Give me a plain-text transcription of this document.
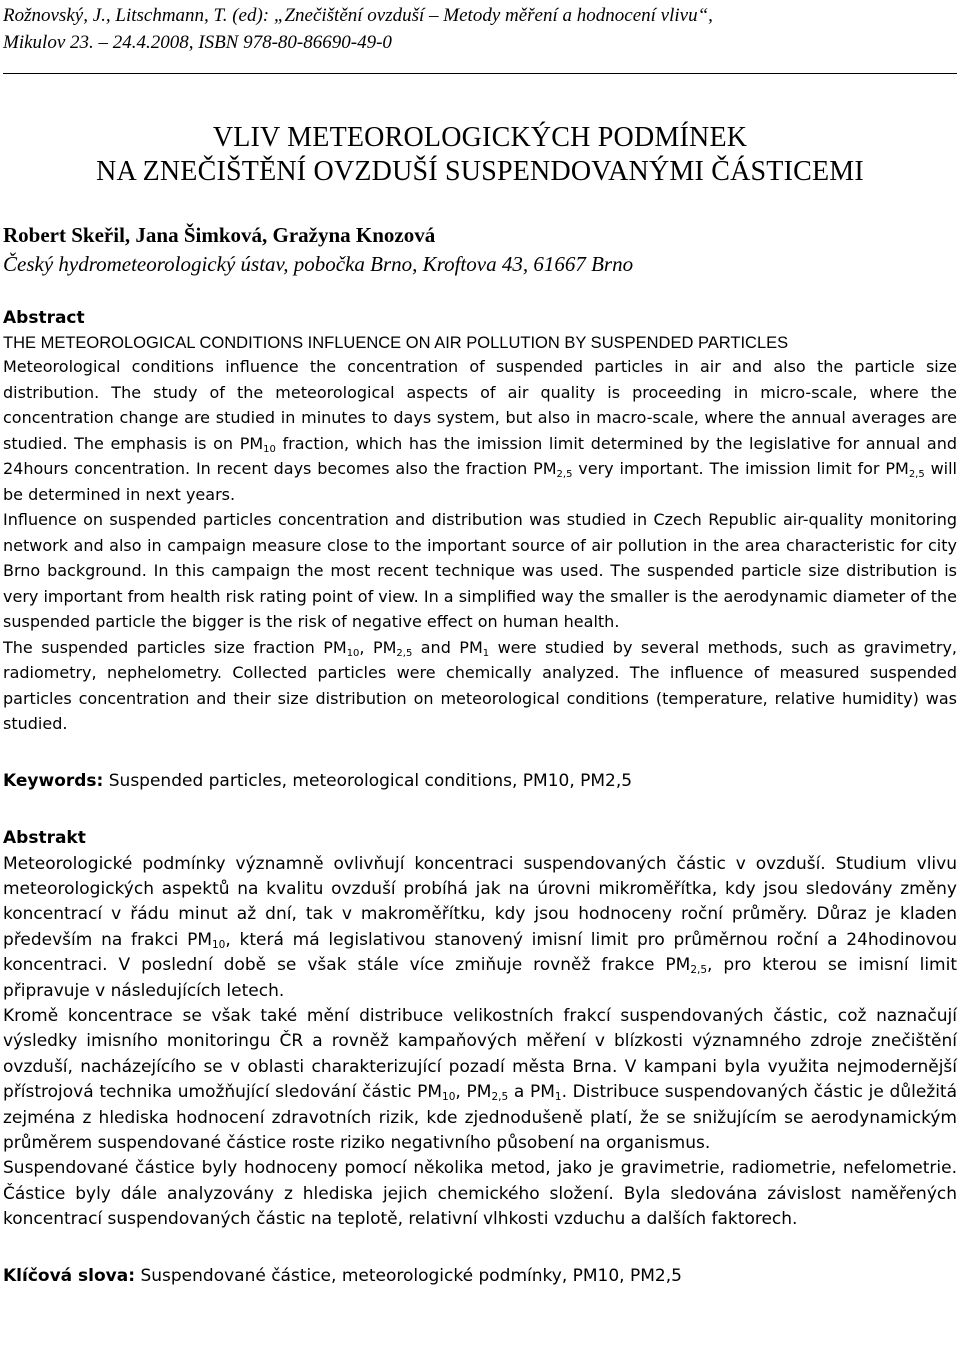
Rožnovský, J., Litschmann, T. (ed): „Znečištění ovzduší – Metody měření a hodnocení vlivu“,
Mikulov 23. – 24.4.2008, ISBN 978-80-86690-49-0
VLIV METEOROLOGICKÝCH PODMÍNEK
NA ZNEČIŠTĚNÍ OVZDUŠÍ SUSPENDOVANÝMI ČÁSTICEMI
Robert Skeřil, Jana Šimková, Gražyna Knozová
Český hydrometeorologický ústav, pobočka Brno, Kroftova 43, 61667 Brno
Abstract
THE METEOROLOGICAL CONDITIONS INFLUENCE ON AIR POLLUTION BY SUSPENDED PARTICLES

Meteorological conditions influence the concentration of suspended particles in air and also the particle size distribution. The study of the meteorological aspects of air quality is proceeding in micro-scale, where the concentration change are studied in minutes to days system, but also in macro-scale, where the annual averages are studied. The emphasis is on $PM_{10}$ fraction, which has the imission limit determined by the legislative for annual and 24hours concentration. In recent days becomes also the fraction $PM_{2,5}$ very important. The imission limit for $PM_{2,5}$ will be determined in next years.

Influence on suspended particles concentration and distribution was studied in Czech Republic air-quality monitoring network and also in campaign measure close to the important source of air pollution in the area characteristic for city Brno background. In this campaign the most recent technique was used. The suspended particle size distribution is very important from health risk rating point of view. In a simplified way the smaller is the aerodynamic diameter of the suspended particle the bigger is the risk of negative effect on human health.

The suspended particles size fraction $PM_{10}$, $PM_{2,5}$ and $PM_1$ were studied by several methods, such as gravimetry, radiometry, nephelometry. Collected particles were chemically analyzed. The influence of measured suspended particles concentration and their size distribution on meteorological conditions (temperature, relative humidity) was studied.

Keywords: Suspended particles, meteorological conditions, PM10, PM2,5
Abstrakt

Meteorologické podmínky významně ovlivňují koncentraci suspendovaných částic v ovzduší. Studium vlivu meteorologických aspektů na kvalitu ovzduší probíhá jak na úrovni mikroměřítka, kdy jsou sledovány změny koncentrací v řádu minut až dní, tak v makroměřítku, kdy jsou hodnoceny roční průměry. Důraz je kladen především na frakci $PM_{10}$, která má legislativou stanovený imisní limit pro průměrnou roční a 24hodinovou koncentraci. V poslední době se však stále více zmiňuje rovněž frakce $PM_{2,5}$, pro kterou se imisní limit připravuje v následujících letech.

Kromě koncentrace se však také mění distribuce velikostních frakcí suspendovaných částic, což naznačují výsledky imisního monitoringu ČR a rovněž kampaňových měření v blízkosti významného zdroje znečištění ovzduší, nacházejícího se v oblasti charakterizující pozadí města Brna. V kampani byla využita nejmodernější přístrojová technika umožňující sledování částic $PM_{10}$, $PM_{2,5}$ a $PM_1$. Distribuce suspendovaných částic je důležitá zejména z hlediska hodnocení zdravotních rizik, kde zjednodušeně platí, že se snižujícím se aerodynamickým průměrem suspendované částice roste riziko negativního působení na organismus.

Suspendované částice byly hodnoceny pomocí několika metod, jako je gravimetrie, radiometrie, nefelometrie. Částice byly dále analyzovány z hlediska jejich chemického složení. Byla sledována závislost naměřených koncentrací suspendovaných částic na teplotě, relativní vlhkosti vzduchu a dalších faktorech.

Klíčová slova: Suspendované částice, meteorologické podmínky, PM10, PM2,5
